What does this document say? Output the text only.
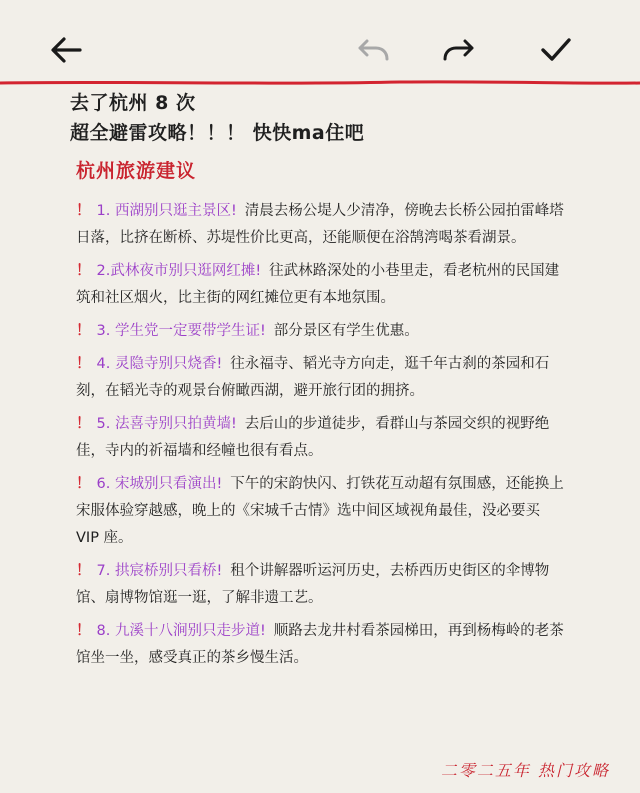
去了杭州 8 次
超全避雷攻略！！！ 快快ma住吧
杭州旅游建议
！ 1. 西湖别只逛主景区! 清晨去杨公堤人少清净，傍晚去长桥公园拍雷峰塔日落，比挤在断桥、苏堤性价比更高，还能顺便在浴鹄湾喝茶看湖景。
！ 2.武林夜市别只逛网红摊! 往武林路深处的小巷里走，看老杭州的民国建筑和社区烟火，比主街的网红摊位更有本地氛围。
！ 3. 学生党一定要带学生证! 部分景区有学生优惠。
！ 4. 灵隐寺别只烧香! 往永福寺、韬光寺方向走，逛千年古刹的茶园和石刻，在韬光寺的观景台俯瞰西湖，避开旅行团的拥挤。
！ 5. 法喜寺别只拍黄墙! 去后山的步道徒步，看群山与茶园交织的视野绝佳，寺内的祈福墙和经幢也很有看点。
！ 6. 宋城别只看演出! 下午的宋韵快闪、打铁花互动超有氛围感，还能换上宋服体验穿越感，晚上的《宋城千古情》选中间区域视角最佳，没必要买 VIP 座。
！ 7. 拱宸桥别只看桥! 租个讲解器听运河历史，去桥西历史街区的伞博物馆、扇博物馆逛一逛，了解非遗工艺。
！ 8. 九溪十八涧别只走步道! 顺路去龙井村看茶园梯田，再到杨梅岭的老茶馆坐一坐，感受真正的茶乡慢生活。
二零二五年 热门攻略
